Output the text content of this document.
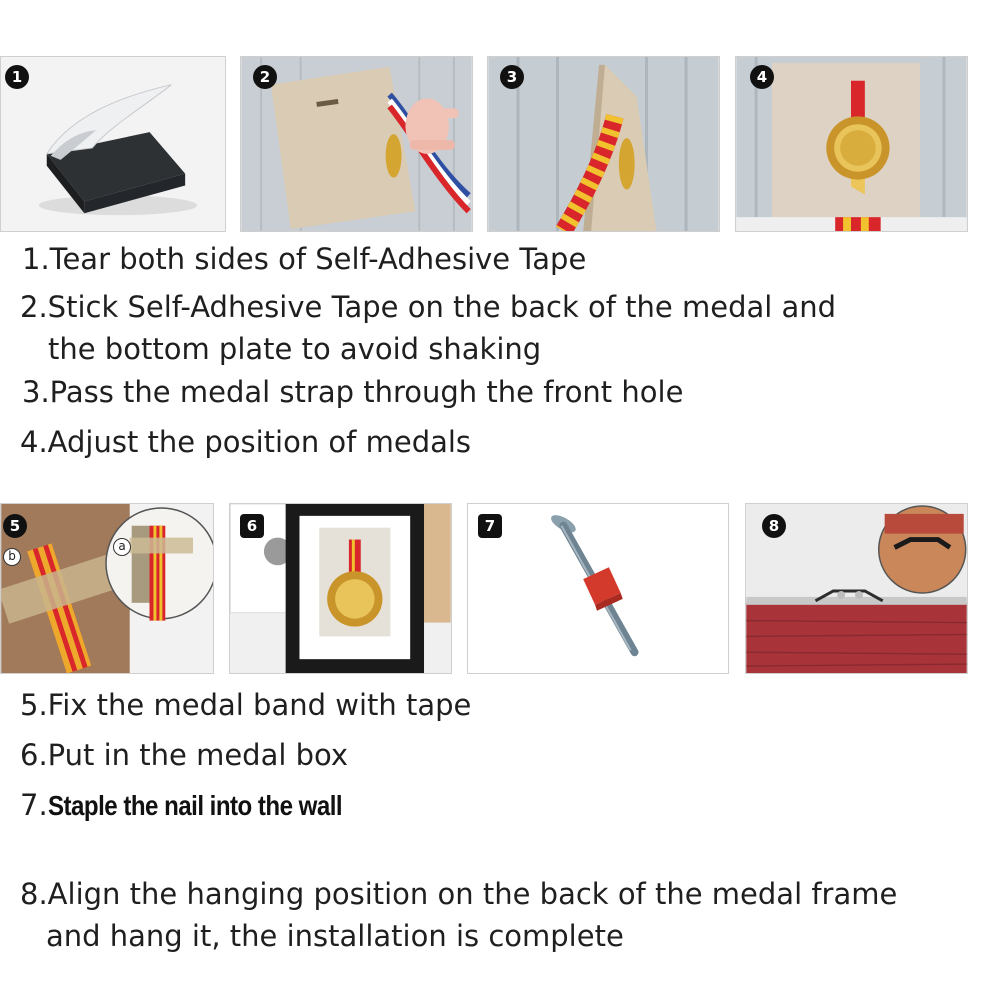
1	2	3	4
1.Tear both sides of Self-Adhesive Tape
2.Stick Self-Adhesive Tape on the back of the medal and
the bottom plate to avoid shaking
3.Pass the medal strap through the front hole
4.Adjust the position of medals
5
b
a
6	7	8
5.Fix the medal band with tape
6.Put in the medal box
7.Staple the nail into the wall
8.Align the hanging position on the back of the medal frame
and hang it, the installation is complete
